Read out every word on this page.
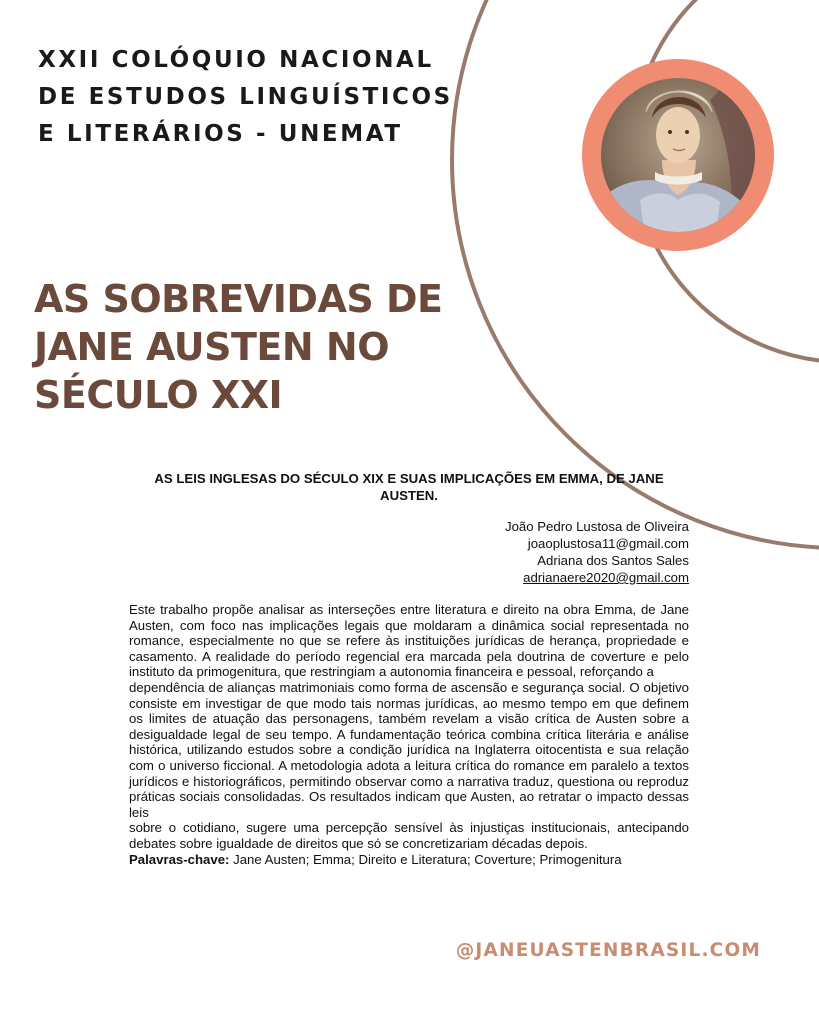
XXII COLÓQUIO NACIONAL
DE ESTUDOS LINGUÍSTICOS
E LITERÁRIOS - UNEMAT
AS SOBREVIDAS DE
JANE AUSTEN NO
SÉCULO XXI

AS LEIS INGLESAS DO SÉCULO XIX E SUAS IMPLICAÇÕES EM EMMA, DE JANE AUSTEN.

João Pedro Lustosa de Oliveira
joaoplustosa11@gmail.com
Adriana dos Santos Sales
adrianaere2020@gmail.com

Este trabalho propõe analisar as interseções entre literatura e direito na obra Emma, de Jane Austen, com foco nas implicações legais que moldaram a dinâmica social representada no romance, especialmente no que se refere às instituições jurídicas de herança, propriedade e casamento. A realidade do período regencial era marcada pela doutrina de coverture e pelo instituto da primogenitura, que restringiam a autonomia financeira e pessoal, reforçando a

dependência de alianças matrimoniais como forma de ascensão e segurança social. O objetivo consiste em investigar de que modo tais normas jurídicas, ao mesmo tempo em que definem os limites de atuação das personagens, também revelam a visão crítica de Austen sobre a desigualdade legal de seu tempo. A fundamentação teórica combina crítica literária e análise histórica, utilizando estudos sobre a condição jurídica na Inglaterra oitocentista e sua relação com o universo ficcional. A metodologia adota a leitura crítica do romance em paralelo a textos jurídicos e historiográficos, permitindo observar como a narrativa traduz, questiona ou reproduz práticas sociais consolidadas. Os resultados indicam que Austen, ao retratar o impacto dessas leis

sobre o cotidiano, sugere uma percepção sensível às injustiças institucionais, antecipando debates sobre igualdade de direitos que só se concretizariam décadas depois.

Palavras-chave: Jane Austen; Emma; Direito e Literatura; Coverture; Primogenitura
@JANEUASTENBRASIL.COM
